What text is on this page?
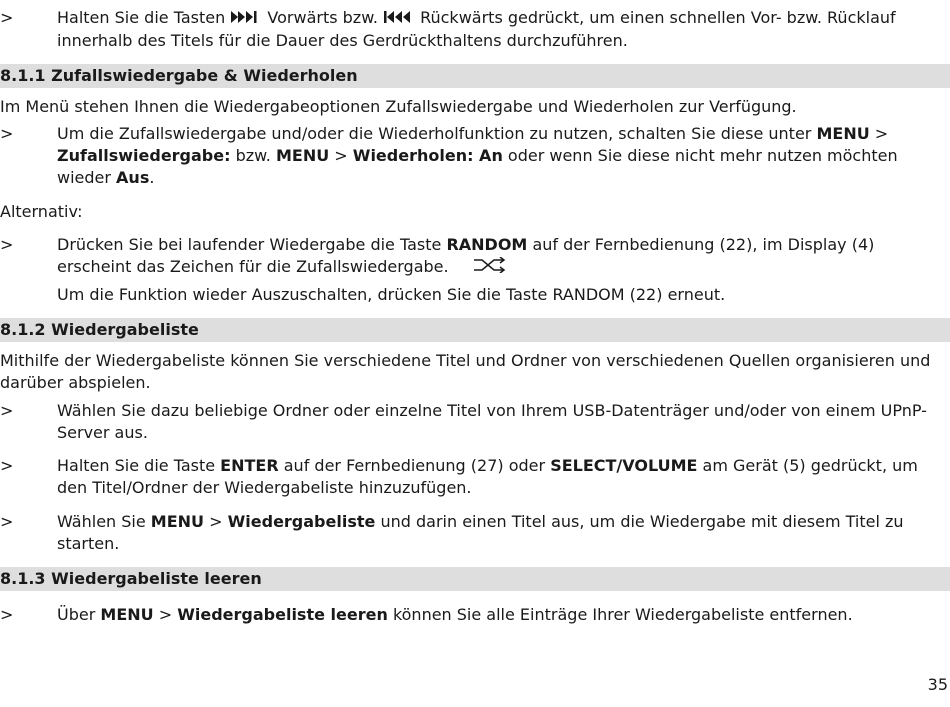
>	Halten Sie die Tasten	Vorwärts bzw.	Rückwärts gedrückt, um einen schnellen Vor- bzw. Rücklauf innerhalb des Titels für die Dauer des Gerdrückthaltens durchzuführen.
8.1.1 Zufallswiedergabe & Wiederholen
Im Menü stehen Ihnen die Wiedergabeoptionen Zufallswiedergabe und Wiederholen zur Verfügung.
>	Um die Zufallswiedergabe und/oder die Wiederholfunktion zu nutzen, schalten Sie diese unter MENU > Zufallswiedergabe: bzw. MENU > Wiederholen: An oder wenn Sie diese nicht mehr nutzen möchten wieder Aus.
Alternativ:
>	Drücken Sie bei laufender Wiedergabe die Taste RANDOM auf der Fernbedienung (22), im Display (4) erscheint das Zeichen für die Zufallswiedergabe.
Um die Funktion wieder Auszuschalten, drücken Sie die Taste RANDOM (22) erneut.
8.1.2 Wiedergabeliste
Mithilfe der Wiedergabeliste können Sie verschiedene Titel und Ordner von verschiedenen Quellen organisieren und darüber abspielen.
>	Wählen Sie dazu beliebige Ordner oder einzelne Titel von Ihrem USB-Datenträger und/oder von einem UPnP-Server aus.
>	Halten Sie die Taste ENTER auf der Fernbedienung (27) oder SELECT/VOLUME am Gerät (5) gedrückt, um den Titel/Ordner der Wiedergabeliste hinzuzufügen.
>	Wählen Sie MENU > Wiedergabeliste und darin einen Titel aus, um die Wiedergabe mit diesem Titel zu starten.
8.1.3 Wiedergabeliste leeren
>	Über MENU > Wiedergabeliste leeren können Sie alle Einträge Ihrer Wiedergabeliste entfernen.
35
